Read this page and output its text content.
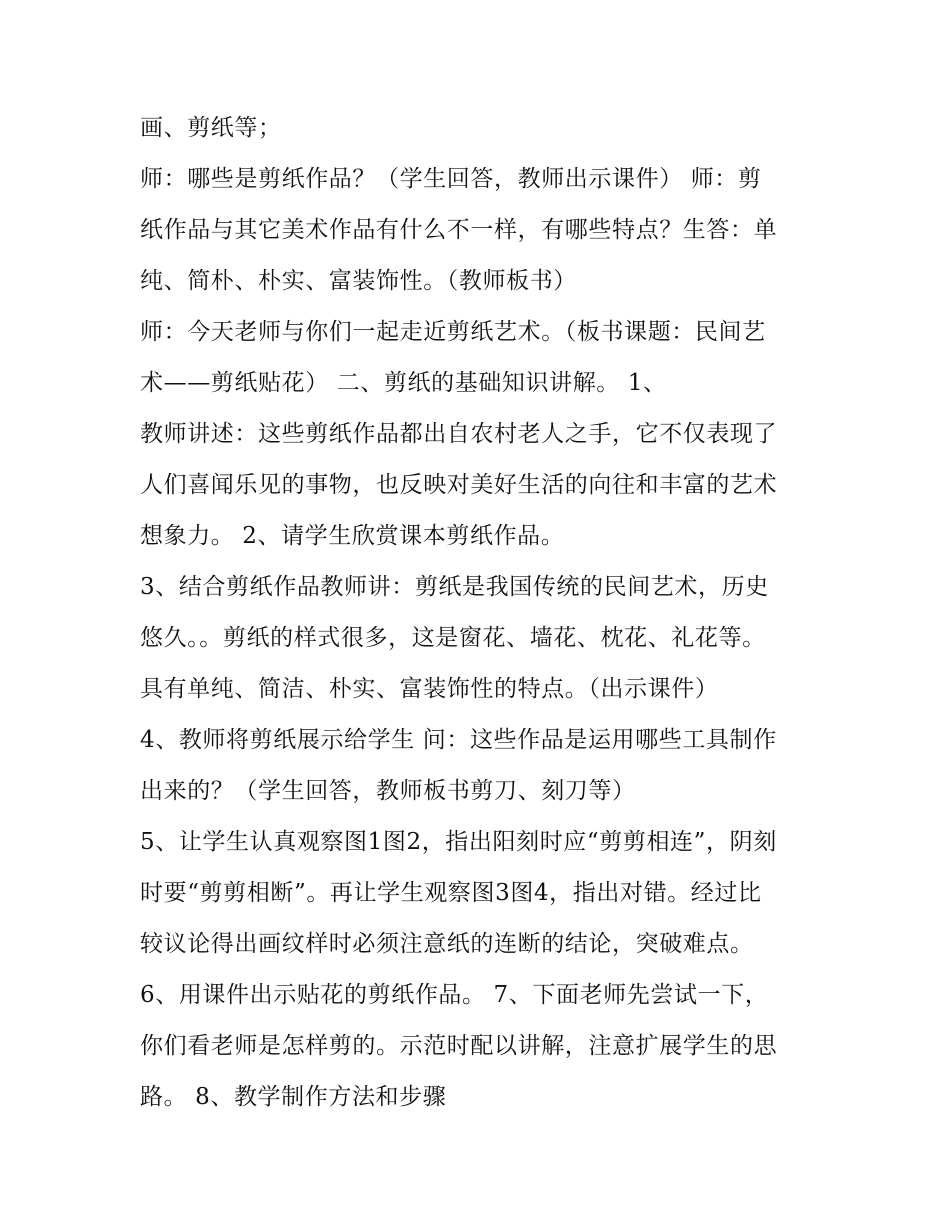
画、剪纸等；
师：哪些是剪纸作品？（学生回答，教师出示课件） 师：剪
纸作品与其它美术作品有什么不一样，有哪些特点？生答：单
纯、简朴、朴实、富装饰性。（教师板书）
师：今天老师与你们一起走近剪纸艺术。（板书课题：民间艺
术——剪纸贴花） 二、剪纸的基础知识讲解。 1、
教师讲述：这些剪纸作品都出自农村老人之手，它不仅表现了
人们喜闻乐见的事物，也反映对美好生活的向往和丰富的艺术
想象力。 2、请学生欣赏课本剪纸作品。
3、结合剪纸作品教师讲：剪纸是我国传统的民间艺术，历史
悠久。。剪纸的样式很多，这是窗花、墙花、枕花、礼花等。
具有单纯、简洁、朴实、富装饰性的特点。（出示课件）
4、教师将剪纸展示给学生 问：这些作品是运用哪些工具制作
出来的？（学生回答，教师板书剪刀、刻刀等）
5、让学生认真观察图1图2，指出阳刻时应“剪剪相连”，阴刻
时要“剪剪相断”。再让学生观察图3图4，指出对错。经过比
较议论得出画纹样时必须注意纸的连断的结论，突破难点。
6、用课件出示贴花的剪纸作品。 7、下面老师先尝试一下，
你们看老师是怎样剪的。示范时配以讲解，注意扩展学生的思
路。 8、教学制作方法和步骤
